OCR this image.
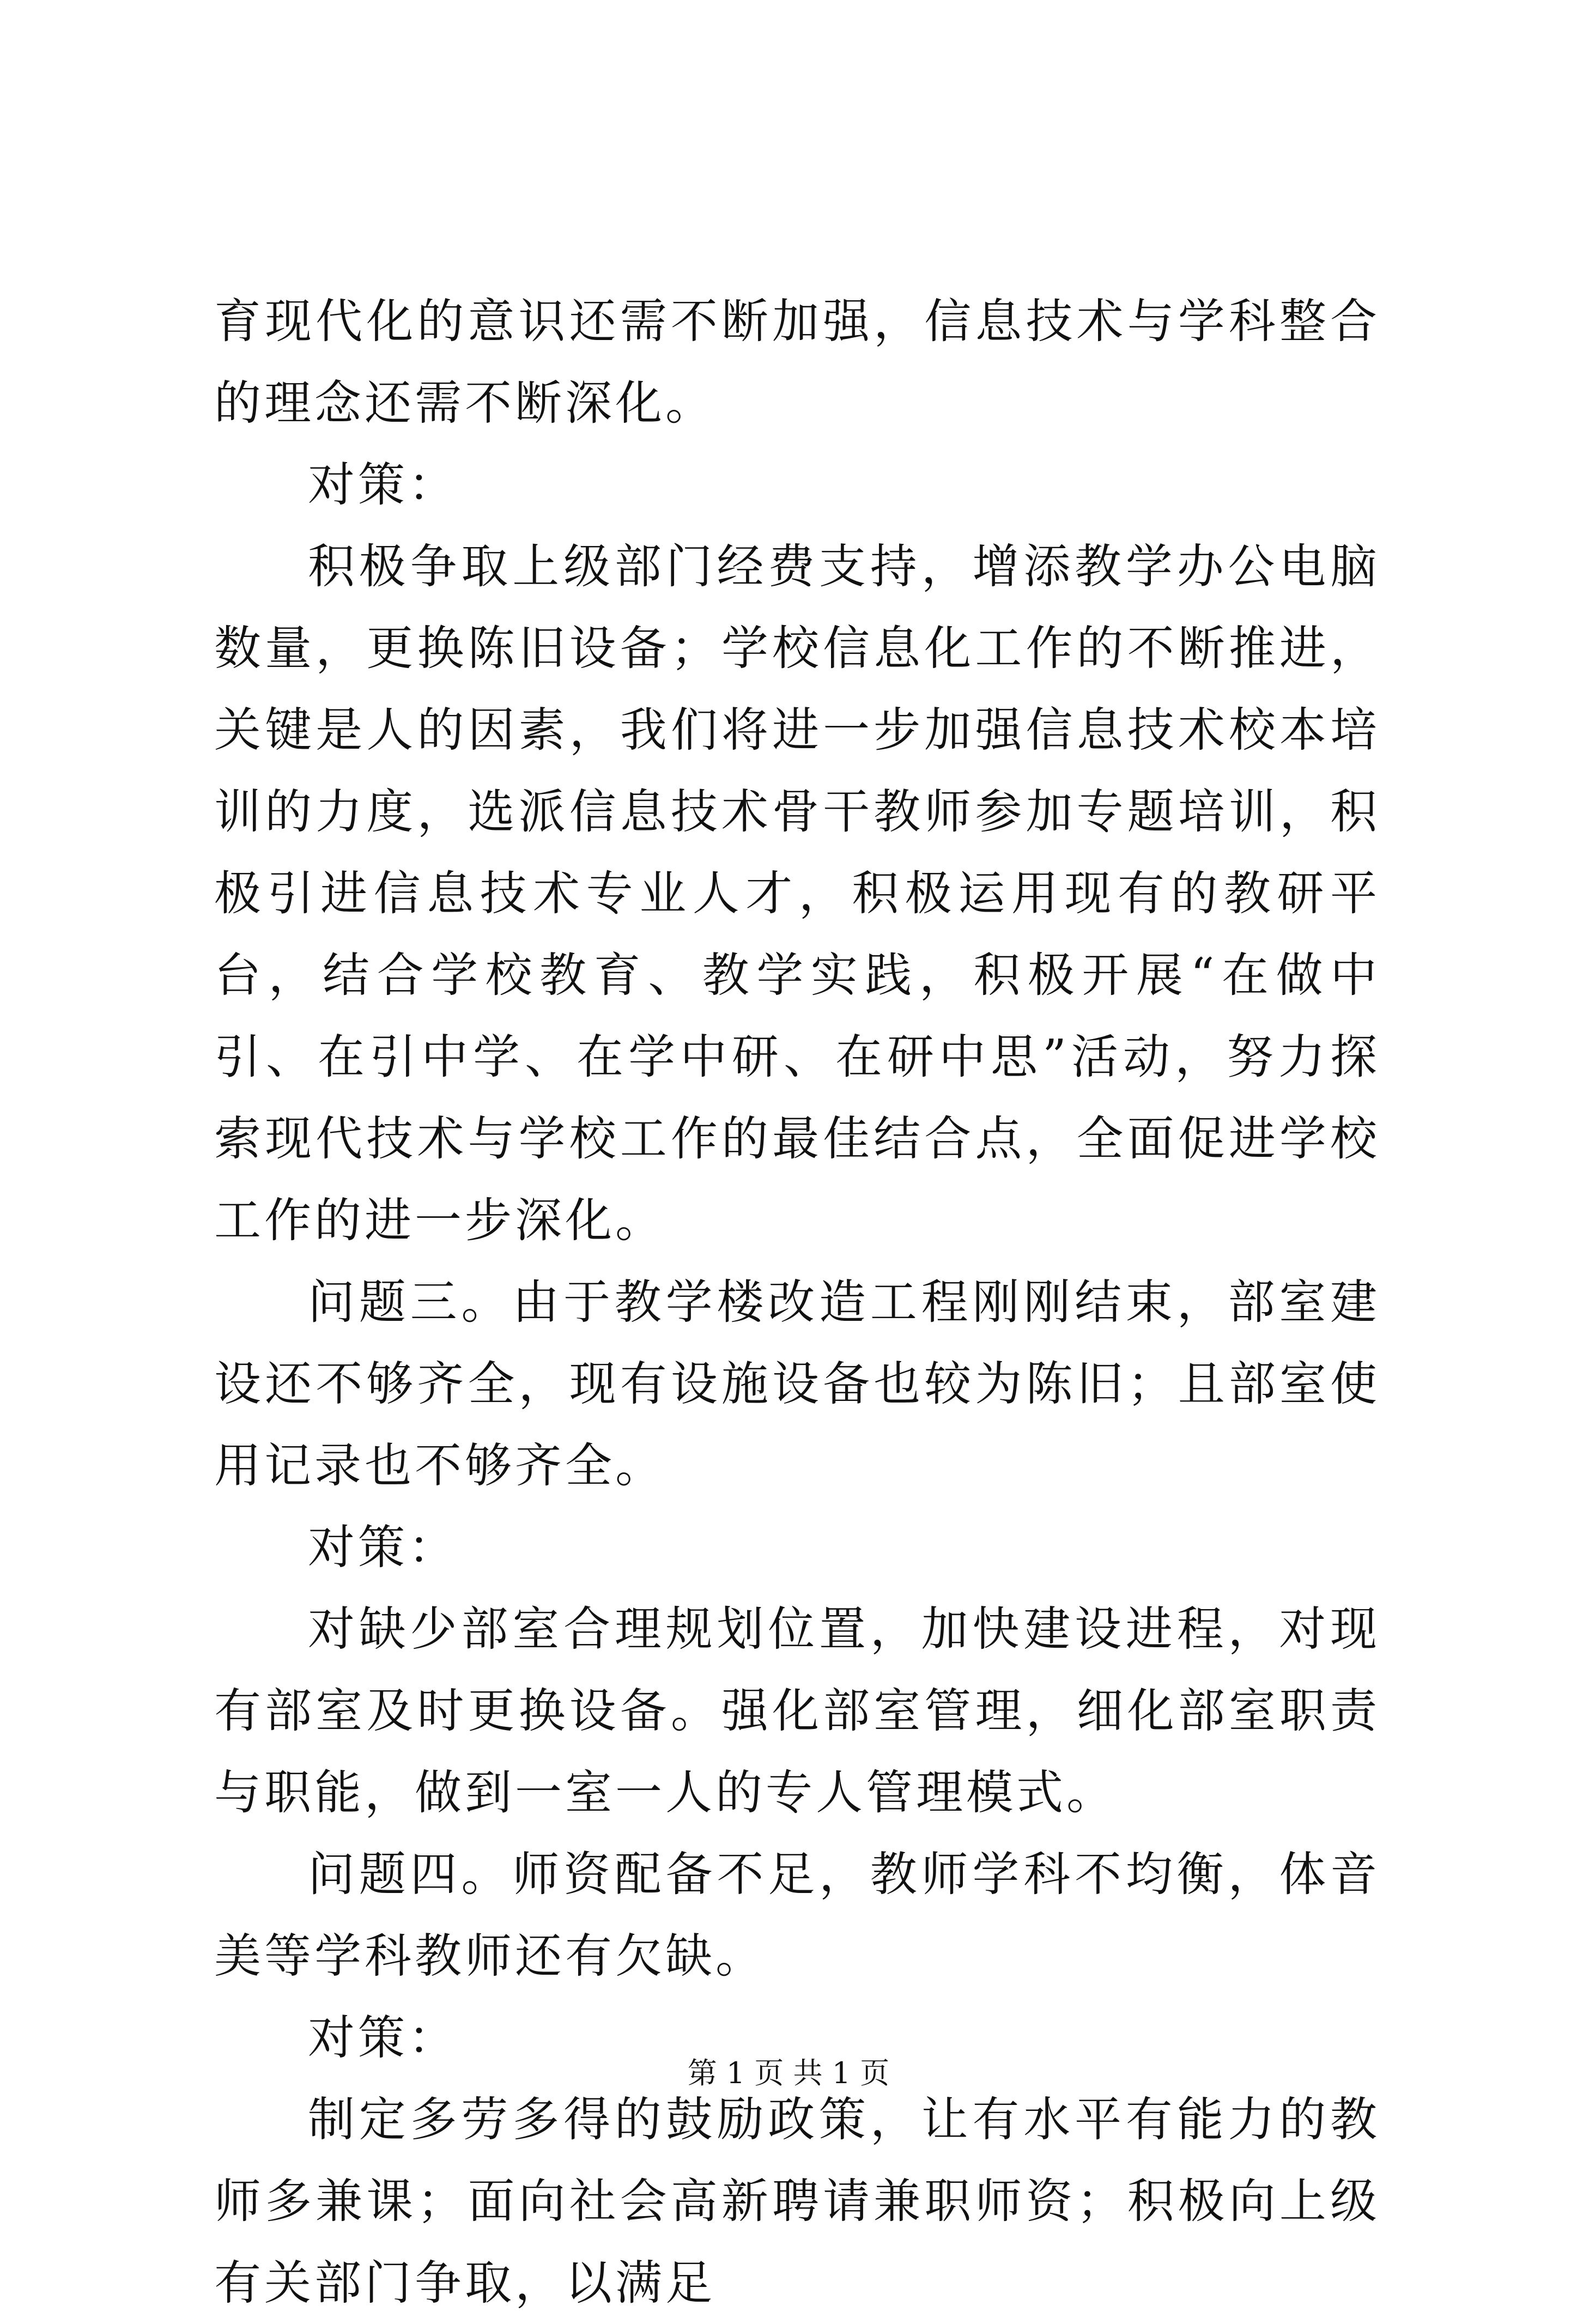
育现代化的意识还需不断加强，信息技术与学科整合的理念还需不断深化。

对策：

积极争取上级部门经费支持，增添教学办公电脑数量，更换陈旧设备；学校信息化工作的不断推进，关键是人的因素，我们将进一步加强信息技术校本培训的力度，选派信息技术骨干教师参加专题培训，积极引进信息技术专业人才，积极运用现有的教研平台，结合学校教育、教学实践，积极开展“在做中引、在引中学、在学中研、在研中思”活动，努力探索现代技术与学校工作的最佳结合点，全面促进学校工作的进一步深化。

问题三。由于教学楼改造工程刚刚结束，部室建设还不够齐全，现有设施设备也较为陈旧；且部室使用记录也不够齐全。

对策：

对缺少部室合理规划位置，加快建设进程，对现有部室及时更换设备。强化部室管理，细化部室职责与职能，做到一室一人的专人管理模式。

问题四。师资配备不足，教师学科不均衡，体音美等学科教师还有欠缺。

对策：

制定多劳多得的鼓励政策，让有水平有能力的教师多兼课；面向社会高新聘请兼职师资；积极向上级有关部门争取，以满足

第 1 页 共 1 页
